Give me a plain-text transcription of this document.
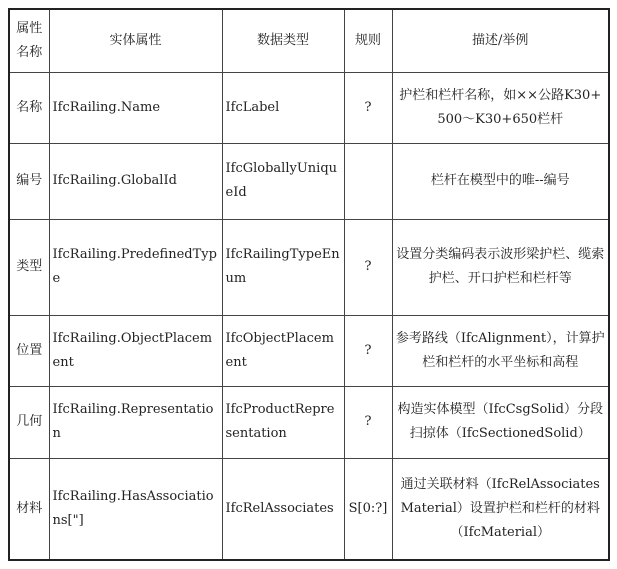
属性名称	实体属性	数据类型	规则	描述/举例
名称	IfcRailing.Name	IfcLabel	?	护栏和栏杆名称，如××公路K30+500～K30+650栏杆
编号	IfcRailing.GlobalId	IfcGloballyUniqueId		栏杆在模型中的唯--编号
类型	IfcRailing.PredefinedType	IfcRailingTypeEnum	?	设置分类编码表示波形梁护栏、缆索护栏、开口护栏和栏杆等
位置	IfcRailing.ObjectPlacement	IfcObjectPlacement	?	参考路线（IfcAlignment），计算护栏和栏杆的水平坐标和高程
几何	IfcRailing.Representation	IfcProductRepresentation	?	构造实体模型（IfcCsgSolid）分段扫掠体（IfcSectionedSolid）
材料	IfcRailing.HasAssociations["]	IfcRelAssociates	S[0:?]	通过关联材料（IfcRelAssociatesMaterial）设置护栏和栏杆的材料（IfcMaterial）
